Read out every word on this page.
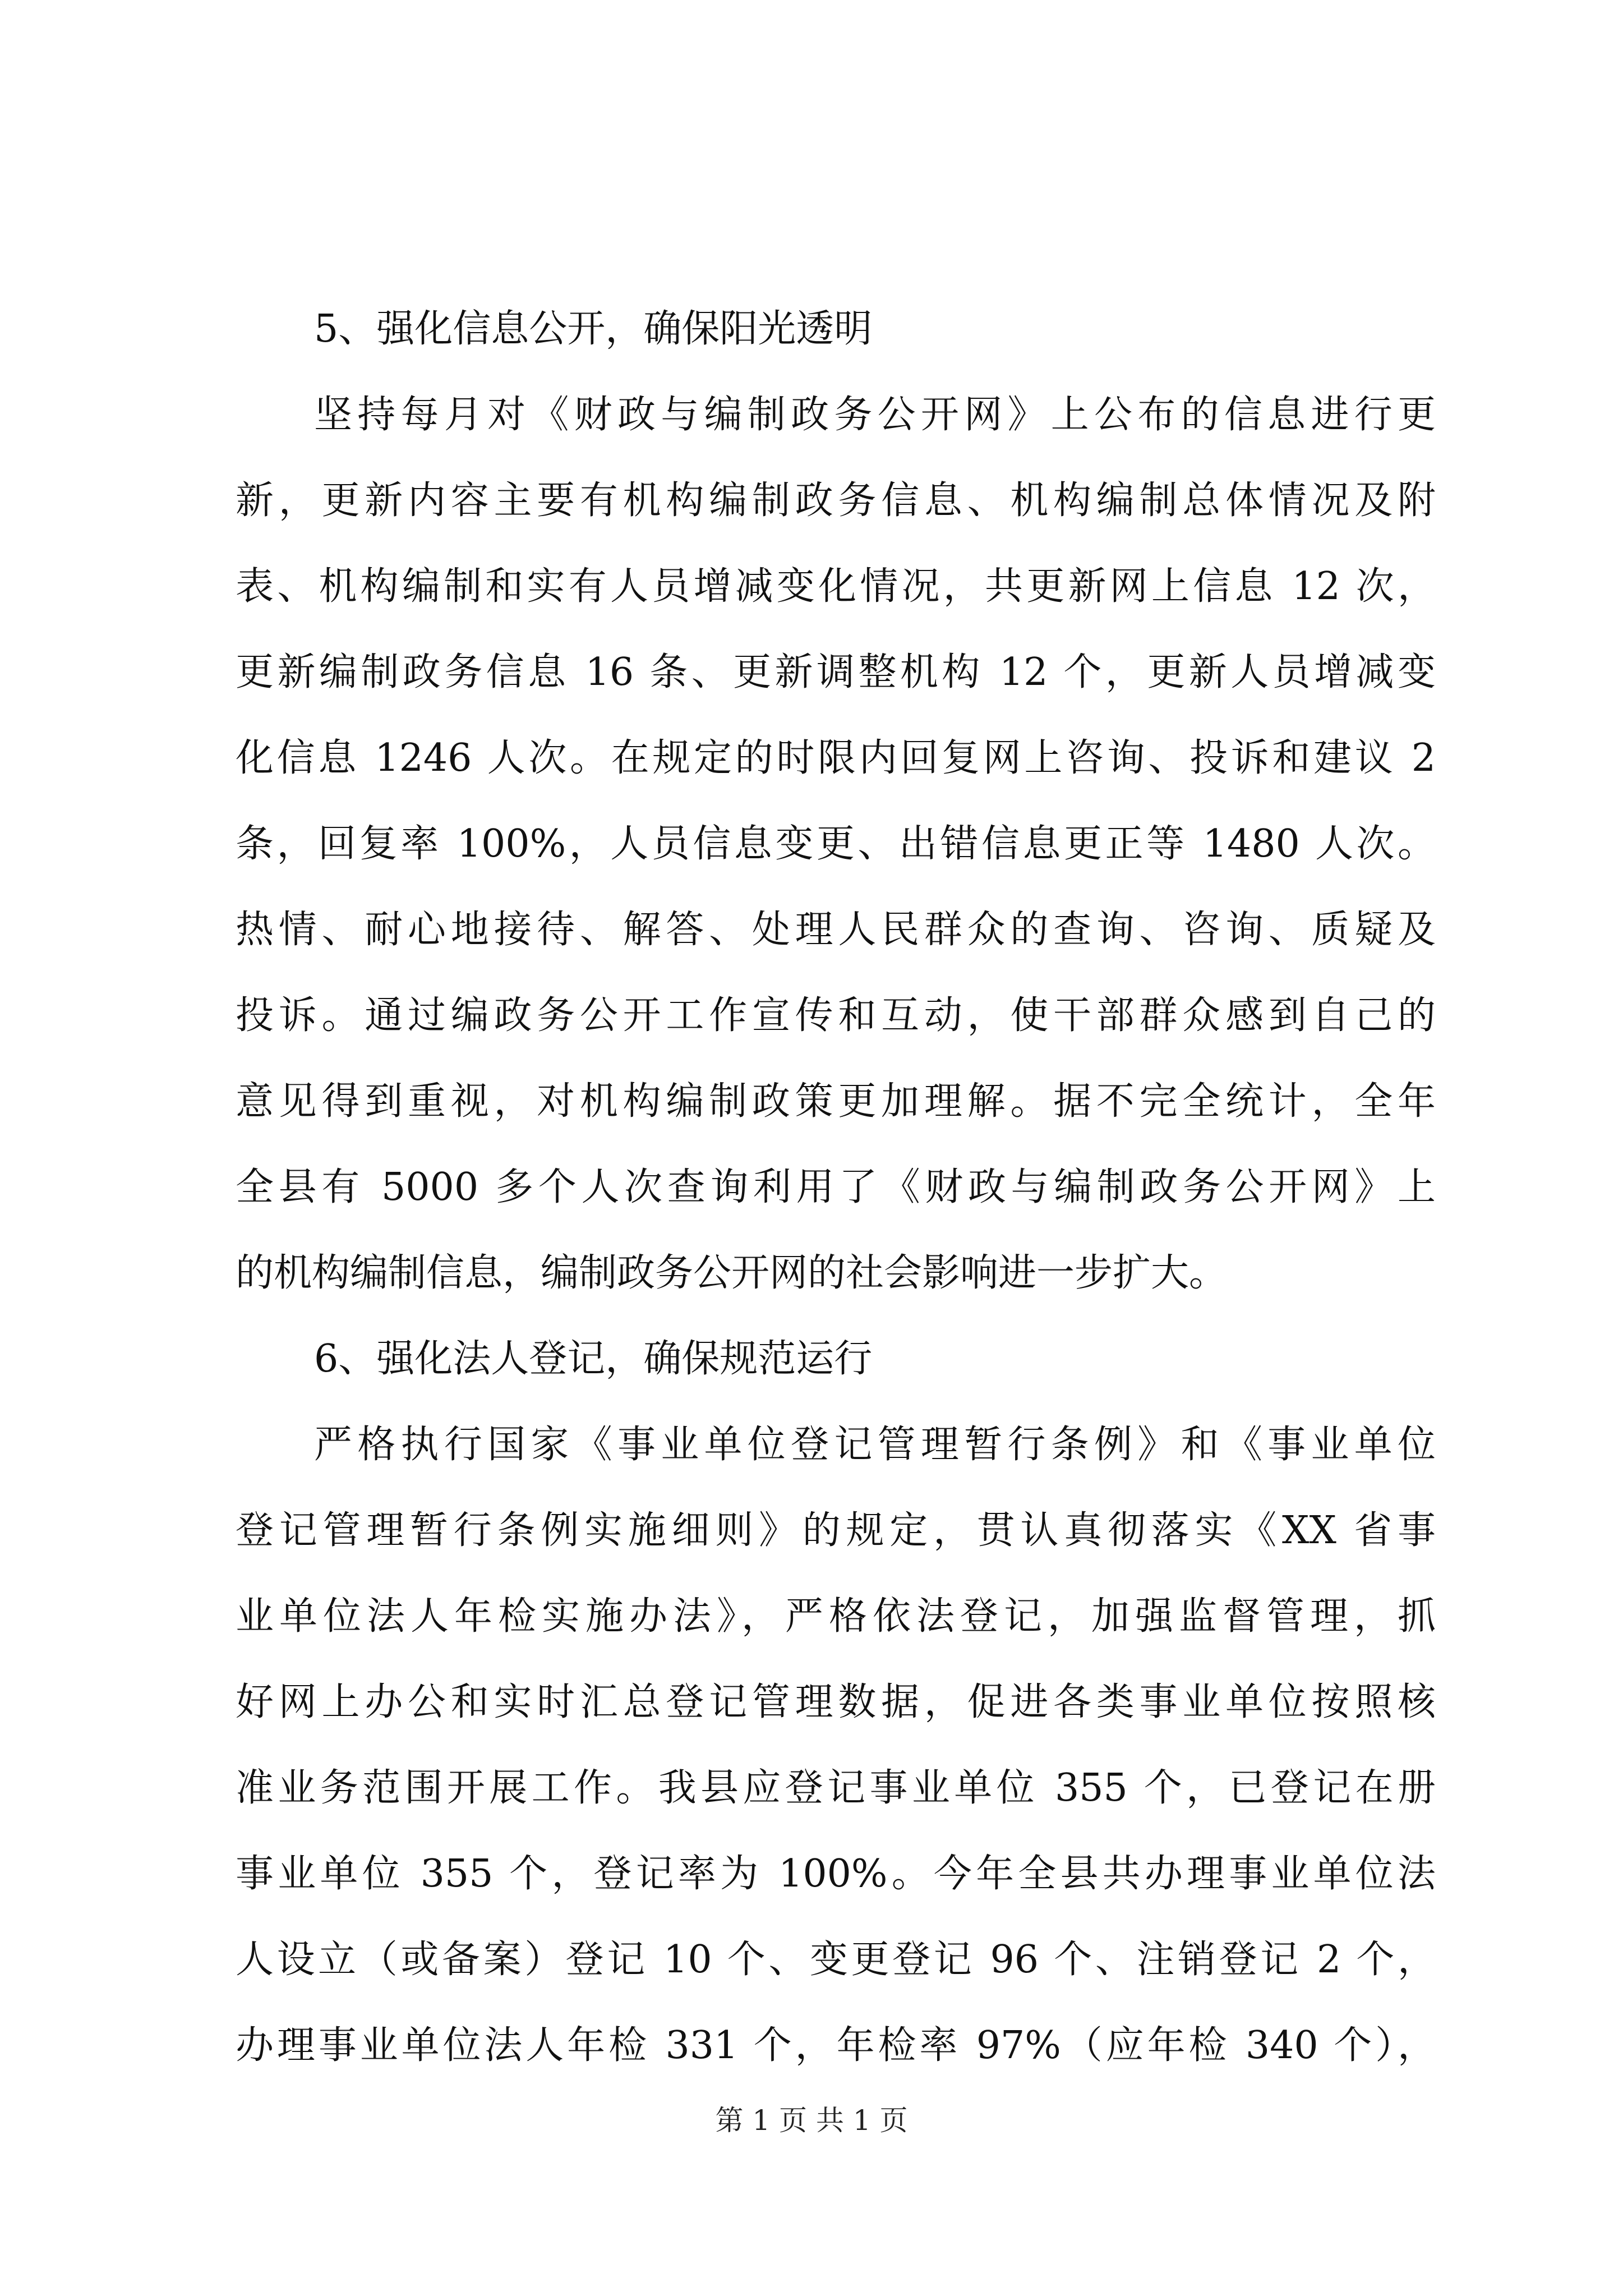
5、强化信息公开，确保阳光透明
坚持每月对《财政与编制政务公开网》上公布的信息进行更
新，更新内容主要有机构编制政务信息、机构编制总体情况及附
表、机构编制和实有人员增减变化情况，共更新网上信息 12 次，
更新编制政务信息 16 条、更新调整机构 12 个，更新人员增减变
化信息 1246 人次。在规定的时限内回复网上咨询、投诉和建议 2
条，回复率 100%，人员信息变更、出错信息更正等 1480 人次。
热情、耐心地接待、解答、处理人民群众的查询、咨询、质疑及
投诉。通过编政务公开工作宣传和互动，使干部群众感到自己的
意见得到重视，对机构编制政策更加理解。据不完全统计，全年
全县有 5000 多个人次查询利用了《财政与编制政务公开网》上
的机构编制信息，编制政务公开网的社会影响进一步扩大。
6、强化法人登记，确保规范运行
严格执行国家《事业单位登记管理暂行条例》和《事业单位
登记管理暂行条例实施细则》的规定，贯认真彻落实《XX 省事
业单位法人年检实施办法》，严格依法登记，加强监督管理，抓
好网上办公和实时汇总登记管理数据，促进各类事业单位按照核
准业务范围开展工作。我县应登记事业单位 355 个，已登记在册
事业单位 355 个，登记率为 100%。今年全县共办理事业单位法
人设立（或备案）登记 10 个、变更登记 96 个、注销登记 2 个，
办理事业单位法人年检 331 个，年检率 97%（应年检 340 个），
第 1 页 共 1 页
